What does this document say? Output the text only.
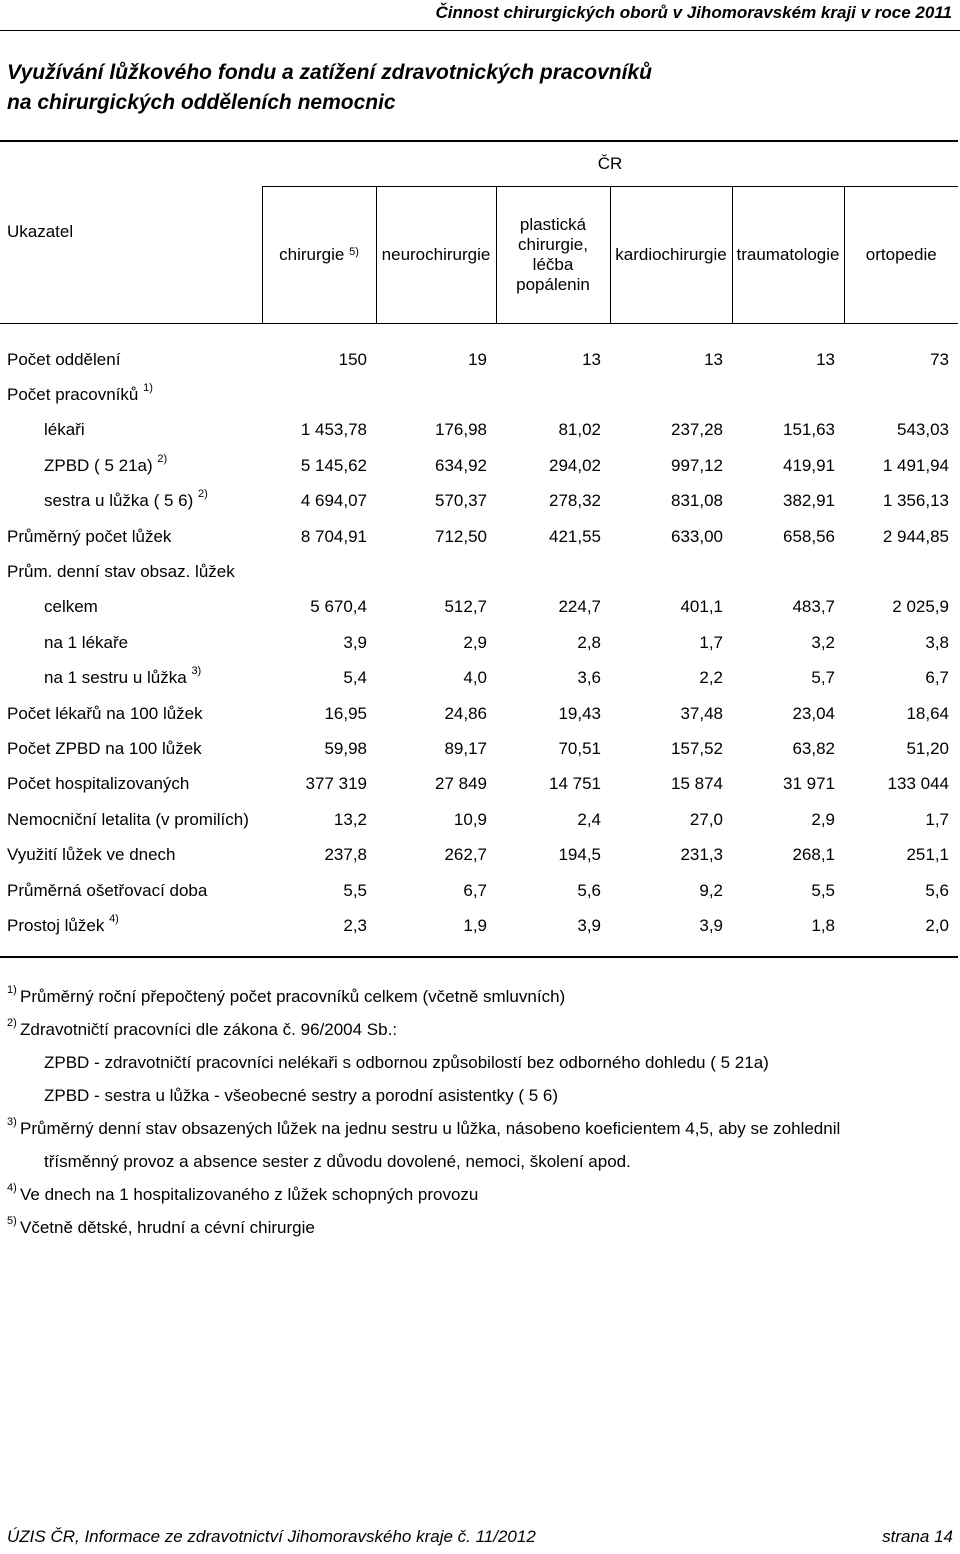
Činnost chirurgických oborů v Jihomoravském kraji v roce 2011
Využívání lůžkového fondu a zatížení zdravotnických pracovníků
na chirurgických odděleních nemocnic
Ukazatel	ČR					
	chirurgie $^{5)}$	neurochirurgie	plastická chirurgie, léčba popálenin	kardiochirurgie	traumatologie	ortopedie
Počet oddělení	150	19	13	13	13	73
Počet pracovníků $^{1)}$						
lékaři	1 453,78	176,98	81,02	237,28	151,63	543,03
ZPBD ( 5 21a) $^{2)}$	5 145,62	634,92	294,02	997,12	419,91	1 491,94
sestra u lůžka ( 5 6) $^{2)}$	4 694,07	570,37	278,32	831,08	382,91	1 356,13
Průměrný počet lůžek	8 704,91	712,50	421,55	633,00	658,56	2 944,85
Prům. denní stav obsaz. lůžek						
celkem	5 670,4	512,7	224,7	401,1	483,7	2 025,9
na 1 lékaře	3,9	2,9	2,8	1,7	3,2	3,8
na 1 sestru u lůžka $^{3)}$	5,4	4,0	3,6	2,2	5,7	6,7
Počet lékařů na 100 lůžek	16,95	24,86	19,43	37,48	23,04	18,64
Počet ZPBD na 100 lůžek	59,98	89,17	70,51	157,52	63,82	51,20
Počet hospitalizovaných	377 319	27 849	14 751	15 874	31 971	133 044
Nemocniční letalita (v promilích)	13,2	10,9	2,4	27,0	2,9	1,7
Využití lůžek ve dnech	237,8	262,7	194,5	231,3	268,1	251,1
Průměrná ošetřovací doba	5,5	6,7	5,6	9,2	5,5	5,6
Prostoj lůžek $^{4)}$	2,3	1,9	3,9	3,9	1,8	2,0
1) Průměrný roční přepočtený počet pracovníků celkem (včetně smluvních)
2) Zdravotničtí pracovníci dle zákona č. 96/2004 Sb.:
ZPBD - zdravotničtí pracovníci nelékaři s odbornou způsobilostí bez odborného dohledu ( 5 21a)
ZPBD - sestra u lůžka - všeobecné sestry a porodní asistentky ( 5 6)
3) Průměrný denní stav obsazených lůžek na jednu sestru u lůžka, násobeno koeficientem 4,5, aby se zohlednil
třísměnný provoz a absence sester z důvodu dovolené, nemoci, školení apod.
4) Ve dnech na 1 hospitalizovaného z lůžek schopných provozu
5) Včetně dětské, hrudní a cévní chirurgie
ÚZIS ČR, Informace ze zdravotnictví Jihomoravského kraje č. 11/2012	strana 14
